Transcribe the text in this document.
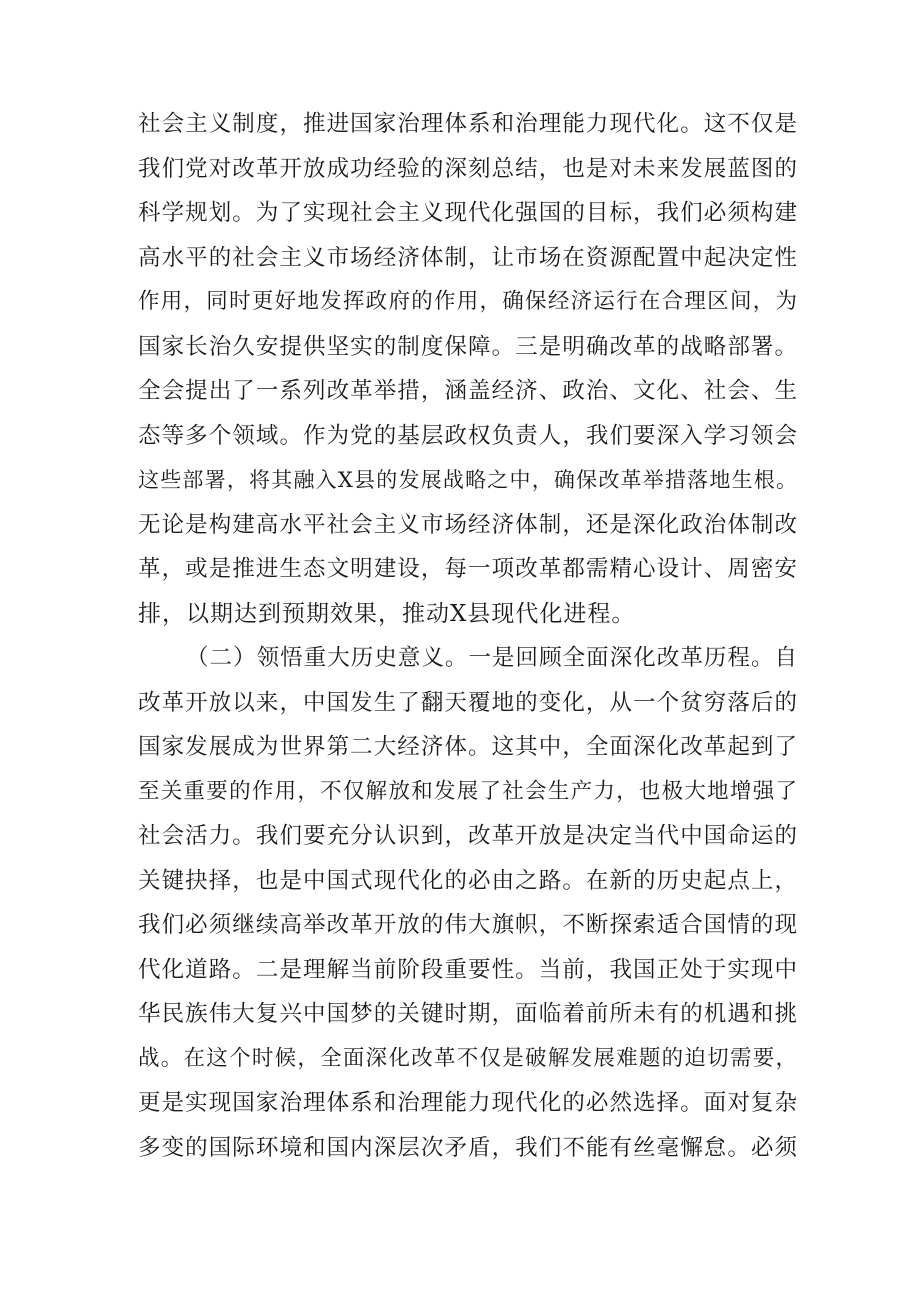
社会主义制度，推进国家治理体系和治理能力现代化。这不仅是
我们党对改革开放成功经验的深刻总结，也是对未来发展蓝图的
科学规划。为了实现社会主义现代化强国的目标，我们必须构建
高水平的社会主义市场经济体制，让市场在资源配置中起决定性
作用，同时更好地发挥政府的作用，确保经济运行在合理区间，为
国家长治久安提供坚实的制度保障。三是明确改革的战略部署。
全会提出了一系列改革举措，涵盖经济、政治、文化、社会、生
态等多个领域。作为党的基层政权负责人，我们要深入学习领会
这些部署，将其融入X县的发展战略之中，确保改革举措落地生根。
无论是构建高水平社会主义市场经济体制，还是深化政治体制改
革，或是推进生态文明建设，每一项改革都需精心设计、周密安
排，以期达到预期效果，推动X县现代化进程。
（二）领悟重大历史意义。一是回顾全面深化改革历程。自
改革开放以来，中国发生了翻天覆地的变化，从一个贫穷落后的
国家发展成为世界第二大经济体。这其中，全面深化改革起到了
至关重要的作用，不仅解放和发展了社会生产力，也极大地增强了
社会活力。我们要充分认识到，改革开放是决定当代中国命运的
关键抉择，也是中国式现代化的必由之路。在新的历史起点上，
我们必须继续高举改革开放的伟大旗帜，不断探索适合国情的现
代化道路。二是理解当前阶段重要性。当前，我国正处于实现中
华民族伟大复兴中国梦的关键时期，面临着前所未有的机遇和挑
战。在这个时候，全面深化改革不仅是破解发展难题的迫切需要，
更是实现国家治理体系和治理能力现代化的必然选择。面对复杂
多变的国际环境和国内深层次矛盾，我们不能有丝毫懈怠。必须
